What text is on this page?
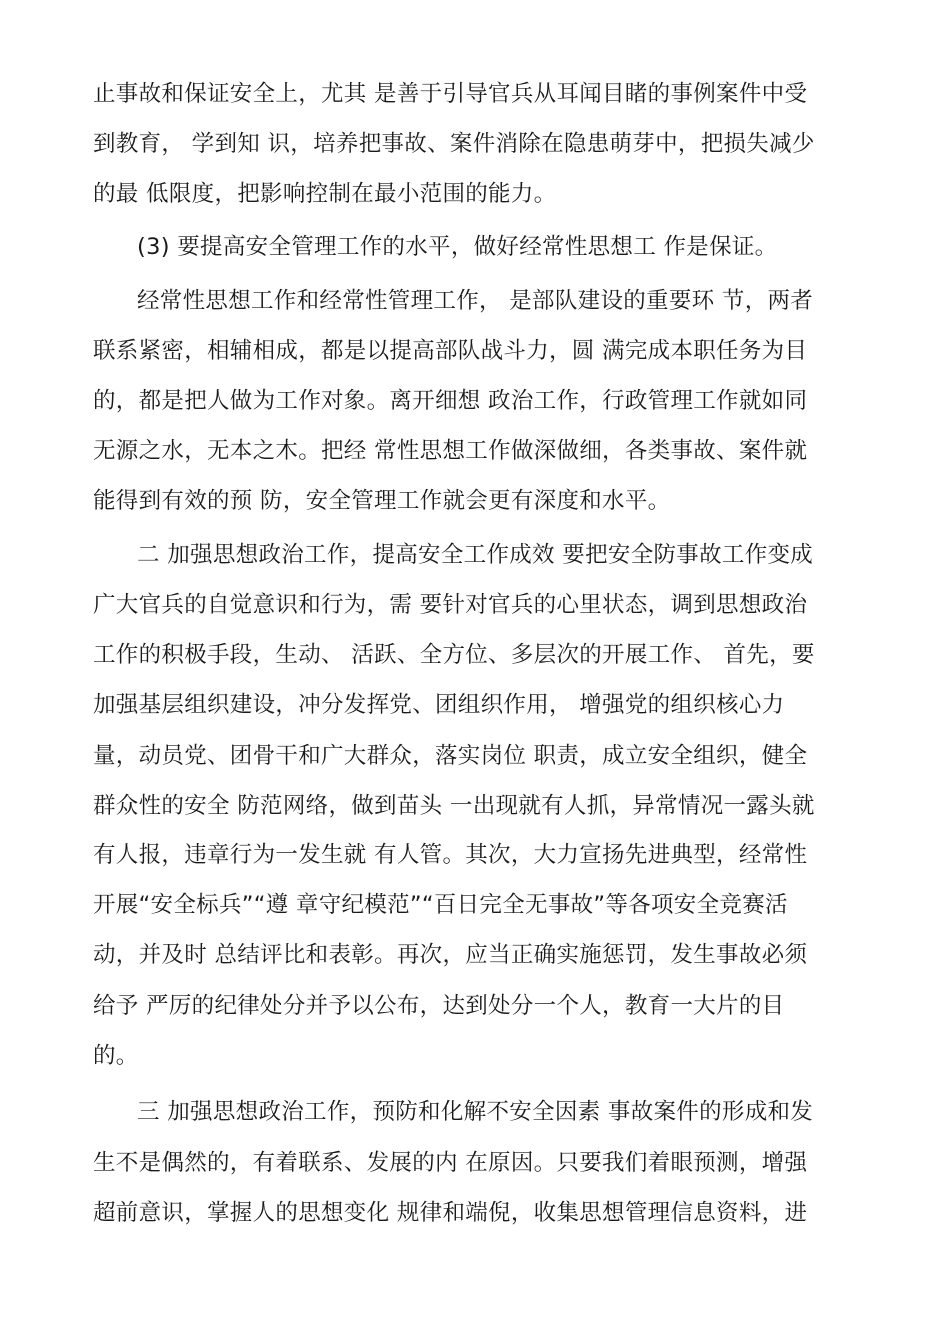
止事故和保证安全上，尤其 是善于引导官兵从耳闻目睹的事例案件中受
到教育， 学到知 识，培养把事故、案件消除在隐患萌芽中，把损失减少
的最 低限度，把影响控制在最小范围的能力。
(3) 要提高安全管理工作的水平，做好经常性思想工 作是保证。
经常性思想工作和经常性管理工作， 是部队建设的重要环 节，两者
联系紧密，相辅相成，都是以提高部队战斗力，圆 满完成本职任务为目
的，都是把人做为工作对象。离开细想 政治工作，行政管理工作就如同
无源之水，无本之木。把经 常性思想工作做深做细，各类事故、案件就
能得到有效的预 防，安全管理工作就会更有深度和水平。
二 加强思想政治工作，提高安全工作成效 要把安全防事故工作变成
广大官兵的自觉意识和行为，需 要针对官兵的心里状态，调到思想政治
工作的积极手段，生动、 活跃、全方位、多层次的开展工作、 首先，要
加强基层组织建设，冲分发挥党、团组织作用， 增强党的组织核心力
量，动员党、团骨干和广大群众，落实岗位 职责，成立安全组织，健全
群众性的安全 防范网络，做到苗头 一出现就有人抓，异常情况一露头就
有人报，违章行为一发生就 有人管。其次，大力宣扬先进典型，经常性
开展“安全标兵”“遵 章守纪模范”“百日完全无事故”等各项安全竞赛活
动，并及时 总结评比和表彰。再次，应当正确实施惩罚，发生事故必须
给予 严厉的纪律处分并予以公布，达到处分一个人，教育一大片的目
的。
三 加强思想政治工作，预防和化解不安全因素 事故案件的形成和发
生不是偶然的，有着联系、发展的内 在原因。只要我们着眼预测，增强
超前意识，掌握人的思想变化 规律和端倪，收集思想管理信息资料，进
